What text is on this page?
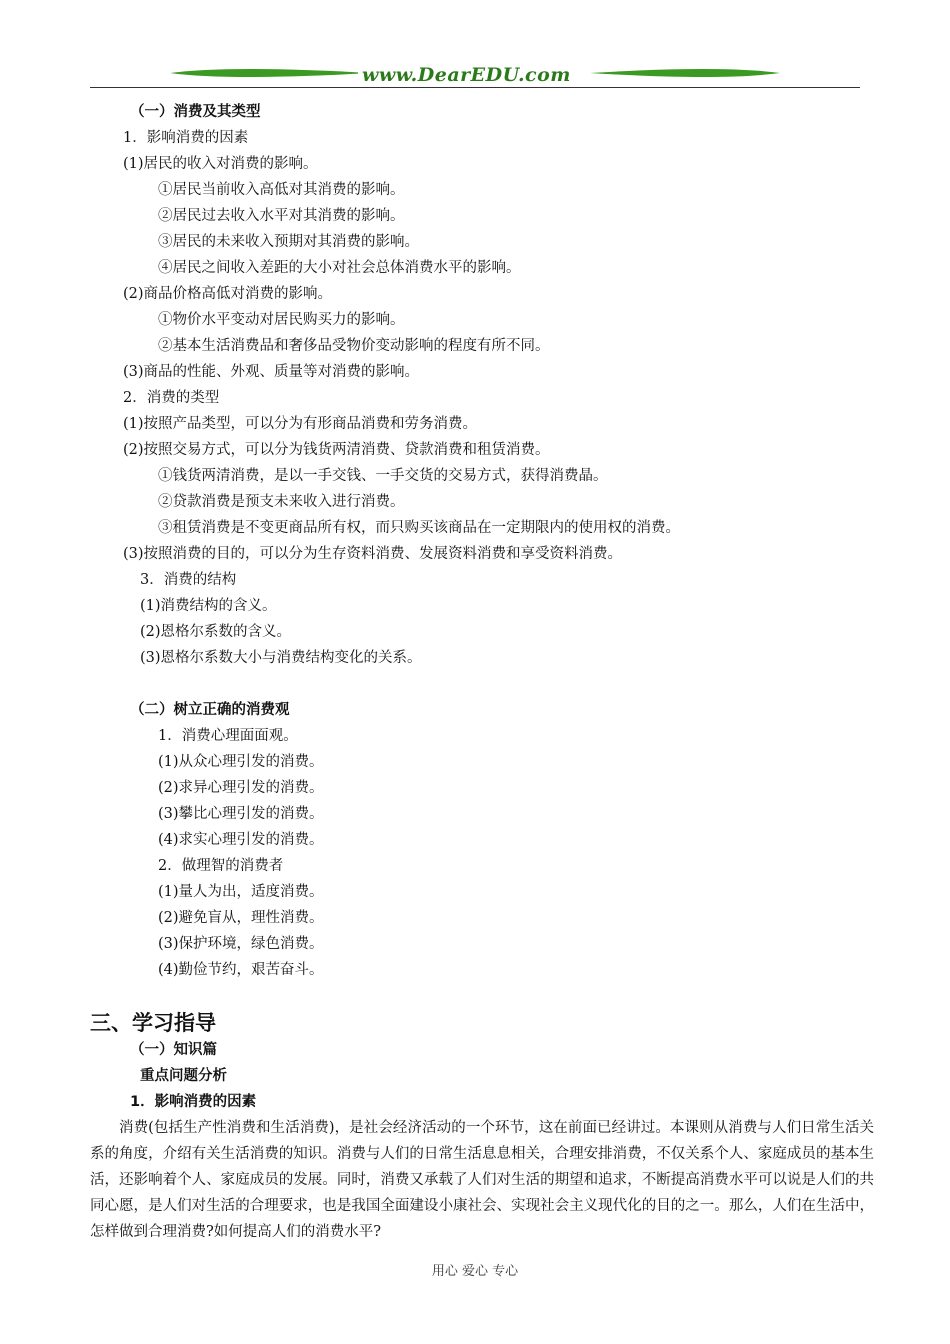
www.DearEDU.com
（一）消费及其类型
1．影响消费的因素
(1)居民的收入对消费的影响。
①居民当前收入高低对其消费的影响。
②居民过去收入水平对其消费的影响。
③居民的未来收入预期对其消费的影响。
④居民之间收入差距的大小对社会总体消费水平的影响。
(2)商品价格高低对消费的影响。
①物价水平变动对居民购买力的影响。
②基本生活消费品和奢侈品受物价变动影响的程度有所不同。
(3)商品的性能、外观、质量等对消费的影响。
2．消费的类型
(1)按照产品类型，可以分为有形商品消费和劳务消费。
(2)按照交易方式，可以分为钱货两清消费、贷款消费和租赁消费。
①钱货两清消费，是以一手交钱、一手交货的交易方式，获得消费晶。
②贷款消费是预支未来收入进行消费。
③租赁消费是不变更商品所有权，而只购买该商品在一定期限内的使用权的消费。
(3)按照消费的目的，可以分为生存资料消费、发展资料消费和享受资料消费。
3．消费的结构
(1)消费结构的含义。
(2)恩格尔系数的含义。
(3)恩格尔系数大小与消费结构变化的关系。
（二）树立正确的消费观
1．消费心理面面观。
(1)从众心理引发的消费。
(2)求异心理引发的消费。
(3)攀比心理引发的消费。
(4)求实心理引发的消费。
2．做理智的消费者
(1)量人为出，适度消费。
(2)避免盲从，理性消费。
(3)保护环境，绿色消费。
(4)勤俭节约，艰苦奋斗。
三、学习指导
（一）知识篇
重点问题分析
1．影响消费的因素
消费(包括生产性消费和生活消费)，是社会经济活动的一个环节，这在前面已经讲过。本课则从消费与人们日常生活关系的角度，介绍有关生活消费的知识。消费与人们的日常生活息息相关，合理安排消费，不仅关系个人、家庭成员的基本生活，还影响着个人、家庭成员的发展。同时，消费又承载了人们对生活的期望和追求，不断提高消费水平可以说是人们的共同心愿，是人们对生活的合理要求，也是我国全面建设小康社会、实现社会主义现代化的目的之一。那么，人们在生活中，怎样做到合理消费?如何提高人们的消费水平?
用心 爱心 专心
